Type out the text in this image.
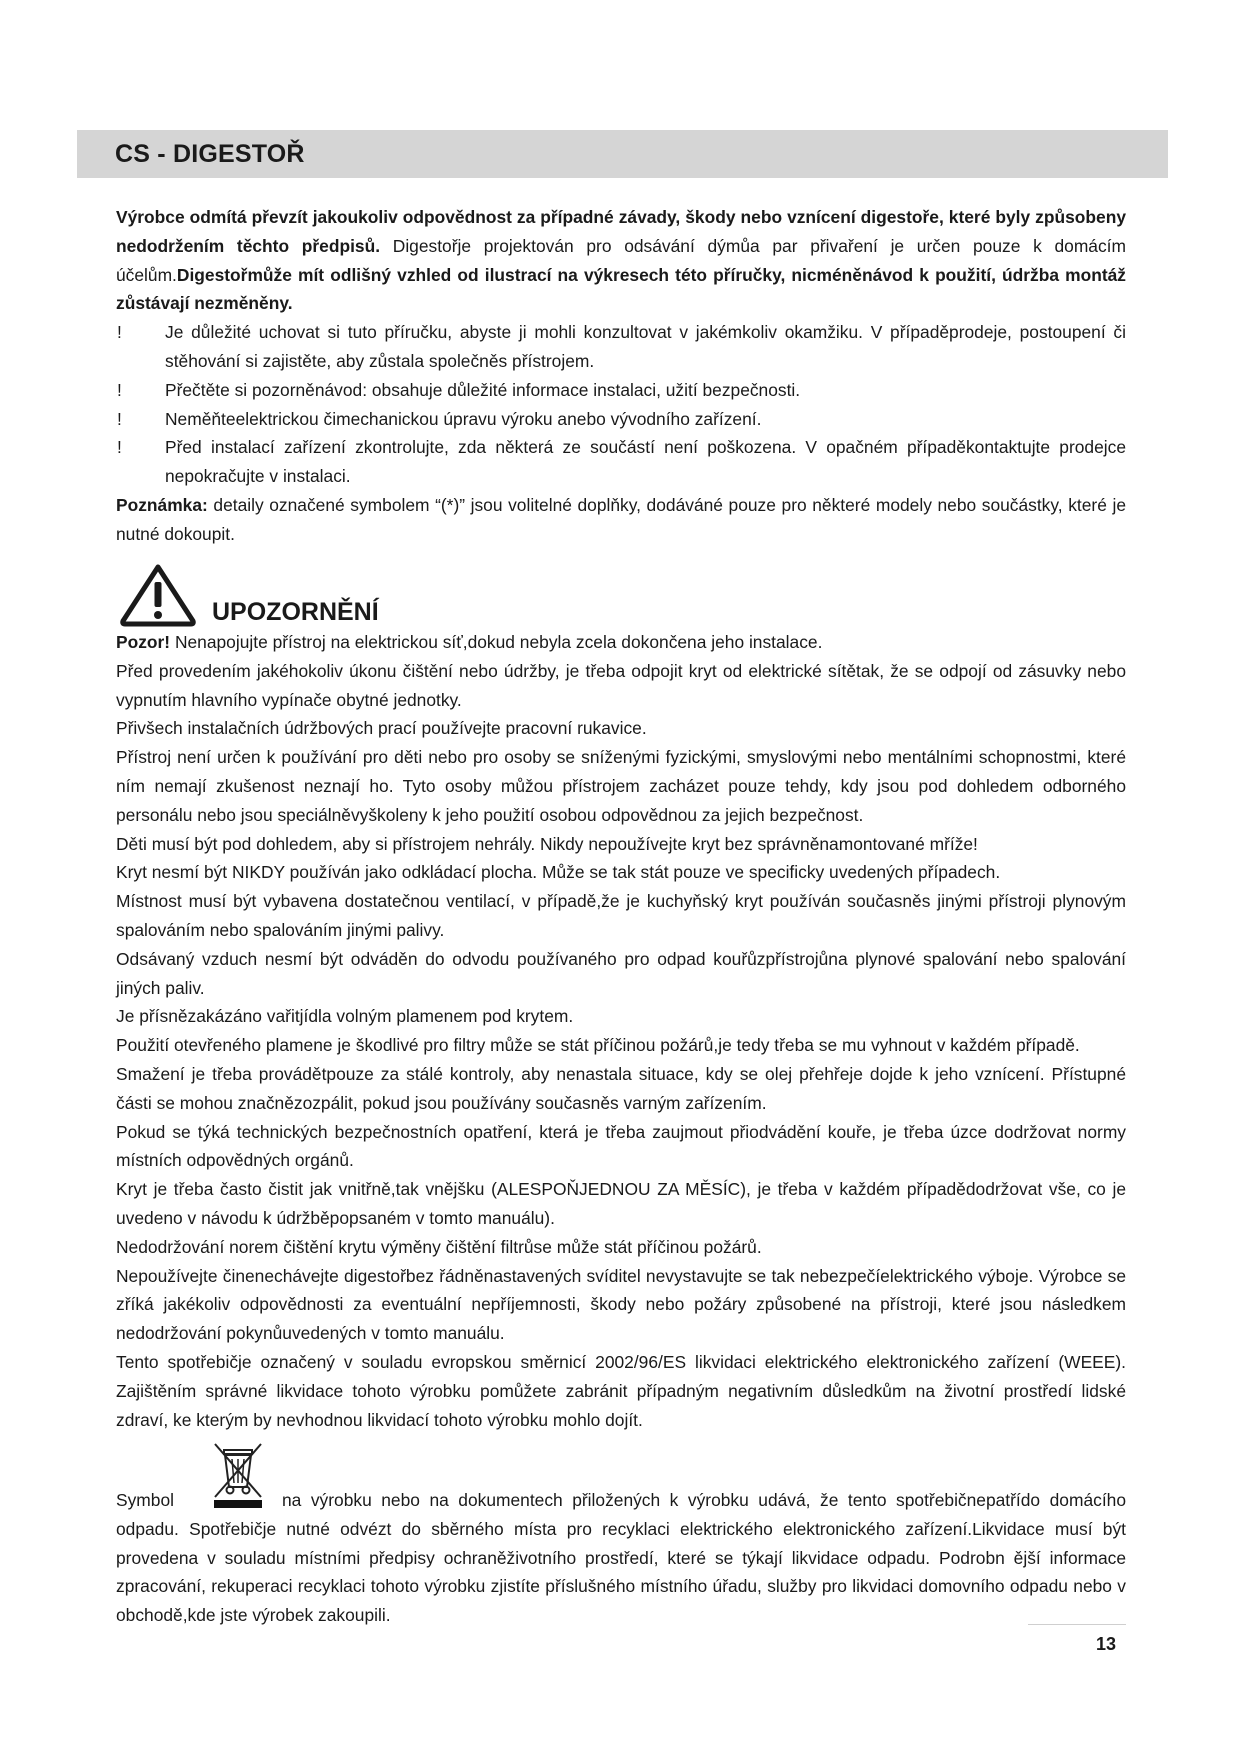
CS - DIGESTOŘ

Výrobce odmítá převzít jakoukoliv odpovědnost za případné závady, škody nebo vznícení digestoře, které byly způsobeny nedodržením těchto předpisů. Digestořje projektován pro odsávání dýmůa par přivaření je určen pouze k domácím účelům.Digestořmůže mít odlišný vzhled od ilustrací na výkresech této příručky, nicméněnávod k použití, údržba montáž zůstávají nezměněny.

! Je důležité uchovat si tuto příručku, abyste ji mohli konzultovat v jakémkoliv okamžiku. V případěprodeje, postoupení či stěhování si zajistěte, aby zůstala společněs přístrojem.

! Přečtěte si pozorněnávod: obsahuje důležité informace instalaci, užití bezpečnosti.

! Neměňteelektrickou čimechanickou úpravu výroku anebo vývodního zařízení.

! Před instalací zařízení zkontrolujte, zda některá ze součástí není poškozena. V opačném případěkontaktujte prodejce nepokračujte v instalaci.

Poznámka: detaily označené symbolem “(*)” jsou volitelné doplňky, dodáváné pouze pro některé modely nebo součástky, které je nutné dokoupit.

UPOZORNĚNÍ

Pozor! Nenapojujte přístroj na elektrickou síť,dokud nebyla zcela dokončena jeho instalace.

Před provedením jakéhokoliv úkonu čištění nebo údržby, je třeba odpojit kryt od elektrické sítětak, že se odpojí od zásuvky nebo vypnutím hlavního vypínače obytné jednotky.

Přivšech instalačních údržbových prací používejte pracovní rukavice.

Přístroj není určen k používání pro děti nebo pro osoby se sníženými fyzickými, smyslovými nebo mentálními schopnostmi, které ním nemají zkušenost neznají ho. Tyto osoby můžou přístrojem zacházet pouze tehdy, kdy jsou pod dohledem odborného personálu nebo jsou speciálněvyškoleny k jeho použití osobou odpovědnou za jejich bezpečnost.

Děti musí být pod dohledem, aby si přístrojem nehrály. Nikdy nepoužívejte kryt bez správněnamontované mříže!

Kryt nesmí být NIKDY používán jako odkládací plocha. Může se tak stát pouze ve specificky uvedených případech.

Místnost musí být vybavena dostatečnou ventilací, v případě,že je kuchyňský kryt používán současněs jinými přístroji plynovým spalováním nebo spalováním jinými palivy.

Odsávaný vzduch nesmí být odváděn do odvodu používaného pro odpad kouřůzpřístrojůna plynové spalování nebo spalování jiných paliv.

Je přísnězakázáno vařitjídla volným plamenem pod krytem.

Použití otevřeného plamene je škodlivé pro filtry může se stát příčinou požárů,je tedy třeba se mu vyhnout v každém případě.

Smažení je třeba provádětpouze za stálé kontroly, aby nenastala situace, kdy se olej přehřeje dojde k jeho vznícení. Přístupné části se mohou značnězozpálit, pokud jsou používány současněs varným zařízením.

Pokud se týká technických bezpečnostních opatření, která je třeba zaujmout přiodvádění kouře, je třeba úzce dodržovat normy místních odpovědných orgánů.

Kryt je třeba často čistit jak vnitřně,tak vnějšku (ALESPOŇJEDNOU ZA MĚSÍC), je třeba v každém případědodržovat vše, co je uvedeno v návodu k údržběpopsaném v tomto manuálu).

Nedodržování norem čištění krytu výměny čištění filtrůse může stát příčinou požárů.

Nepoužívejte činenechávejte digestořbez řádněnastavených svíditel nevystavujte se tak nebezpečíelektrického výboje. Výrobce se zříká jakékoliv odpovědnosti za eventuální nepříjemnosti, škody nebo požáry způsobené na přístroji, které jsou následkem nedodržování pokynůuvedených v tomto manuálu.

Tento spotřebičje označený v souladu evropskou směrnicí 2002/96/ES likvidaci elektrického elektronického zařízení (WEEE). Zajištěním správné likvidace tohoto výrobku pomůžete zabránit případným negativním důsledkům na životní prostředí lidské zdraví, ke kterým by nevhodnou likvidací tohoto výrobku mohlo dojít.

Symbol	na výrobku nebo na dokumentech přiložených k výrobku udává, že tento spotřebičnepatřído domácího odpadu. Spotřebičje nutné odvézt do sběrného místa pro recyklaci elektrického elektronického zařízení.Likvidace musí být provedena v souladu místními předpisy ochraněživotního prostředí, které se týkají likvidace odpadu. Podrobn ější informace zpracování, rekuperaci recyklaci tohoto výrobku zjistíte příslušného místního úřadu, služby pro likvidaci domovního odpadu nebo v obchodě,kde jste výrobek zakoupili.

13
